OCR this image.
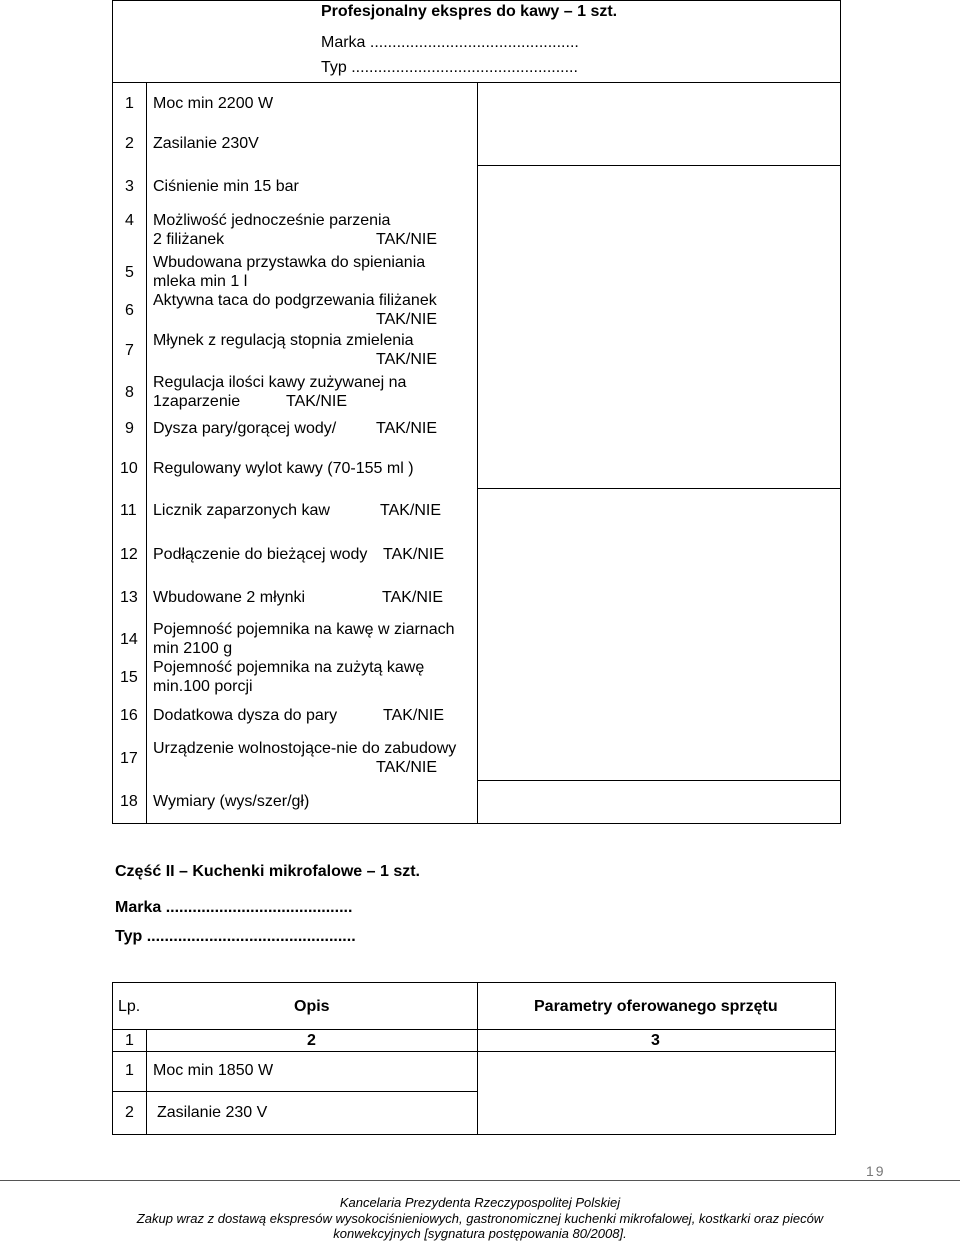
Profesjonalny ekspres do kawy – 1 szt.
Marka ...............................................
Typ ...................................................
1 Moc min 2200 W
2 Zasilanie 230V
3 Ciśnienie min 15 bar
4 Możliwość jednocześnie parzenia
2 filiżanek	TAK/NIE
5
Wbudowana przystawka do spieniania
mleka min 1 l
6
Aktywna taca do podgrzewania filiżanek
TAK/NIE
7
Młynek z regulacją stopnia zmielenia
TAK/NIE
8
Regulacja ilości kawy zużywanej na
1zaparzenie	TAK/NIE
9 Dysza pary/gorącej wody/ TAK/NIE
10 Regulowany wylot kawy (70-155 ml )
11 Licznik zaparzonych kaw	TAK/NIE
12 Podłączenie do bieżącej wody TAK/NIE
13 Wbudowane 2 młynki	TAK/NIE
14
Pojemność pojemnika na kawę w ziarnach
min 2100 g
15
Pojemność pojemnika na zużytą kawę
min.100 porcji
16 Dodatkowa dysza do pary	TAK/NIE
17
Urządzenie wolnostojące-nie do zabudowy
TAK/NIE
18 Wymiary (wys/szer/gł)
Część II – Kuchenki mikrofalowe – 1 szt.
Marka ..........................................
Typ ...............................................
Lp.	Opis	Parametry oferowanego sprzętu
1	2	3
1 Moc min 1850 W
2 Zasilanie 230 V
19
Kancelaria Prezydenta Rzeczypospolitej Polskiej
Zakup wraz z dostawą ekspresów wysokociśnieniowych, gastronomicznej kuchenki mikrofalowej, kostkarki oraz pieców
konwekcyjnych [sygnatura postępowania 80/2008].
